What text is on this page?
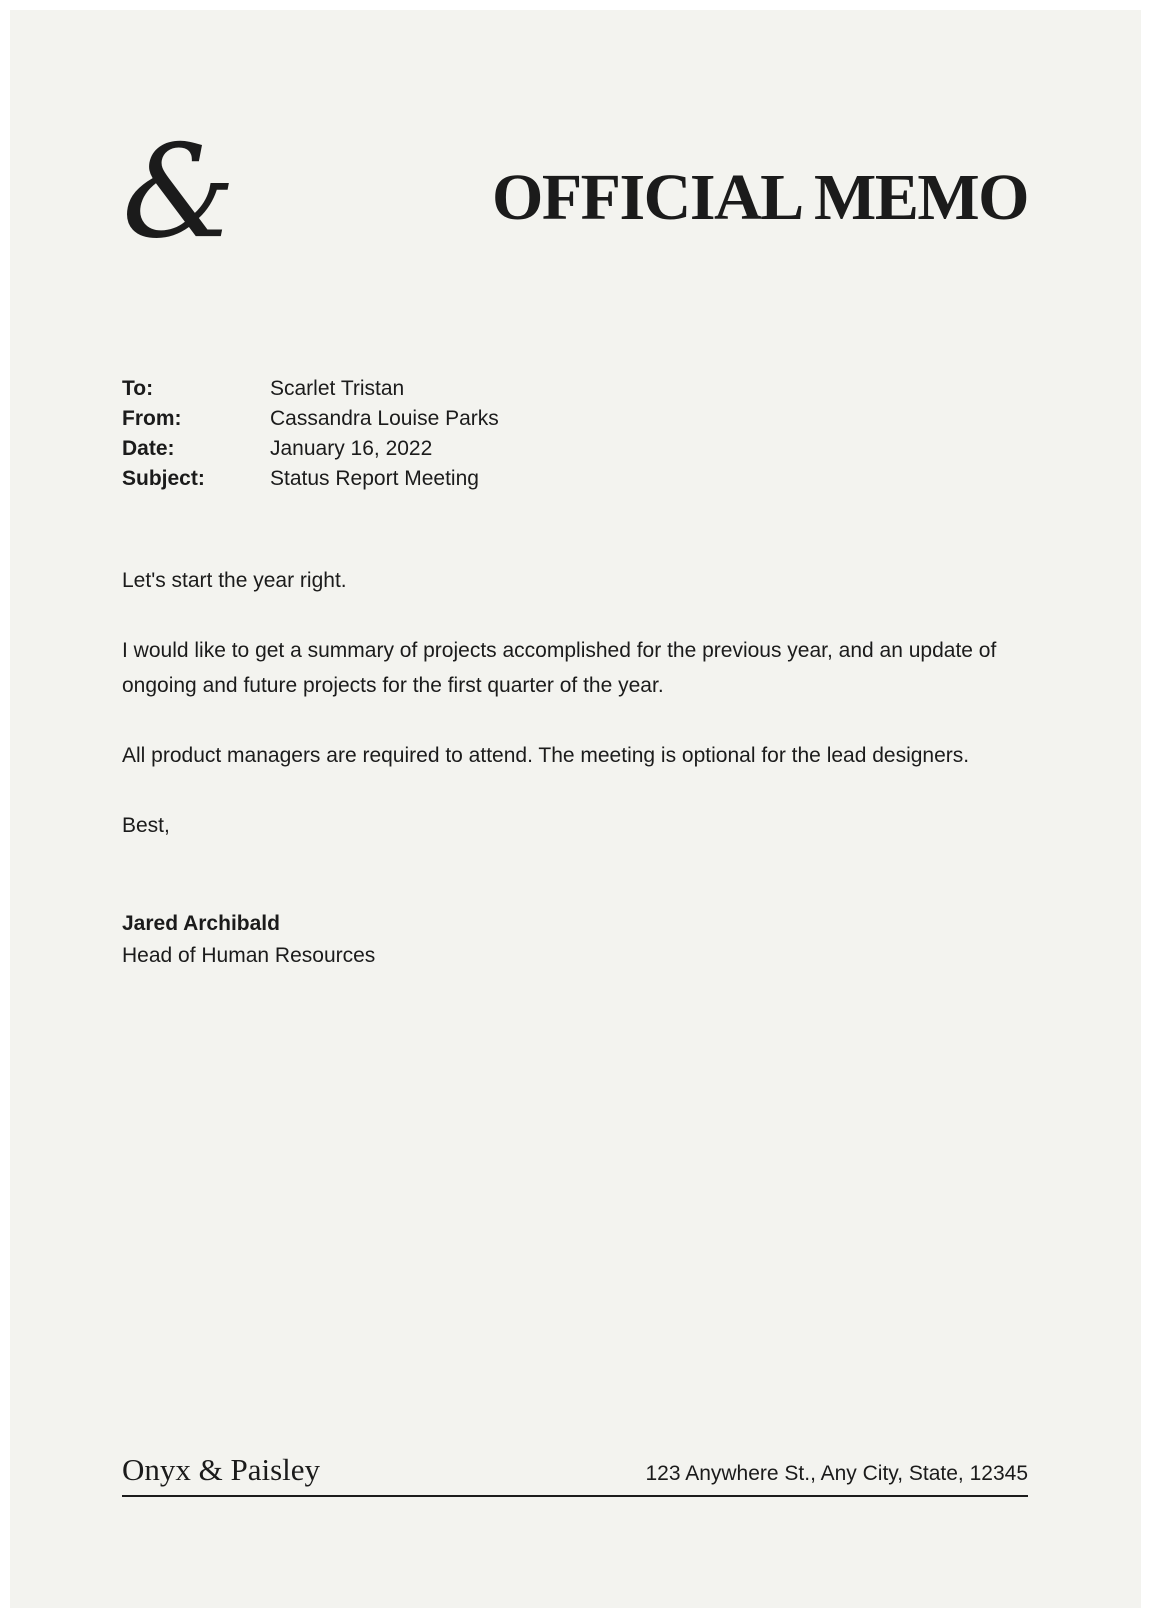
&	OFFICIAL MEMO
To:	Scarlet Tristan
From:	Cassandra Louise Parks
Date:	January 16, 2022
Subject:	Status Report Meeting

Let's start the year right.

I would like to get a summary of projects accomplished for the previous year, and an update of ongoing and future projects for the first quarter of the year.

All product managers are required to attend. The meeting is optional for the lead designers.

Best,

Jared Archibald
Head of Human Resources
Onyx & Paisley	123 Anywhere St., Any City, State, 12345
